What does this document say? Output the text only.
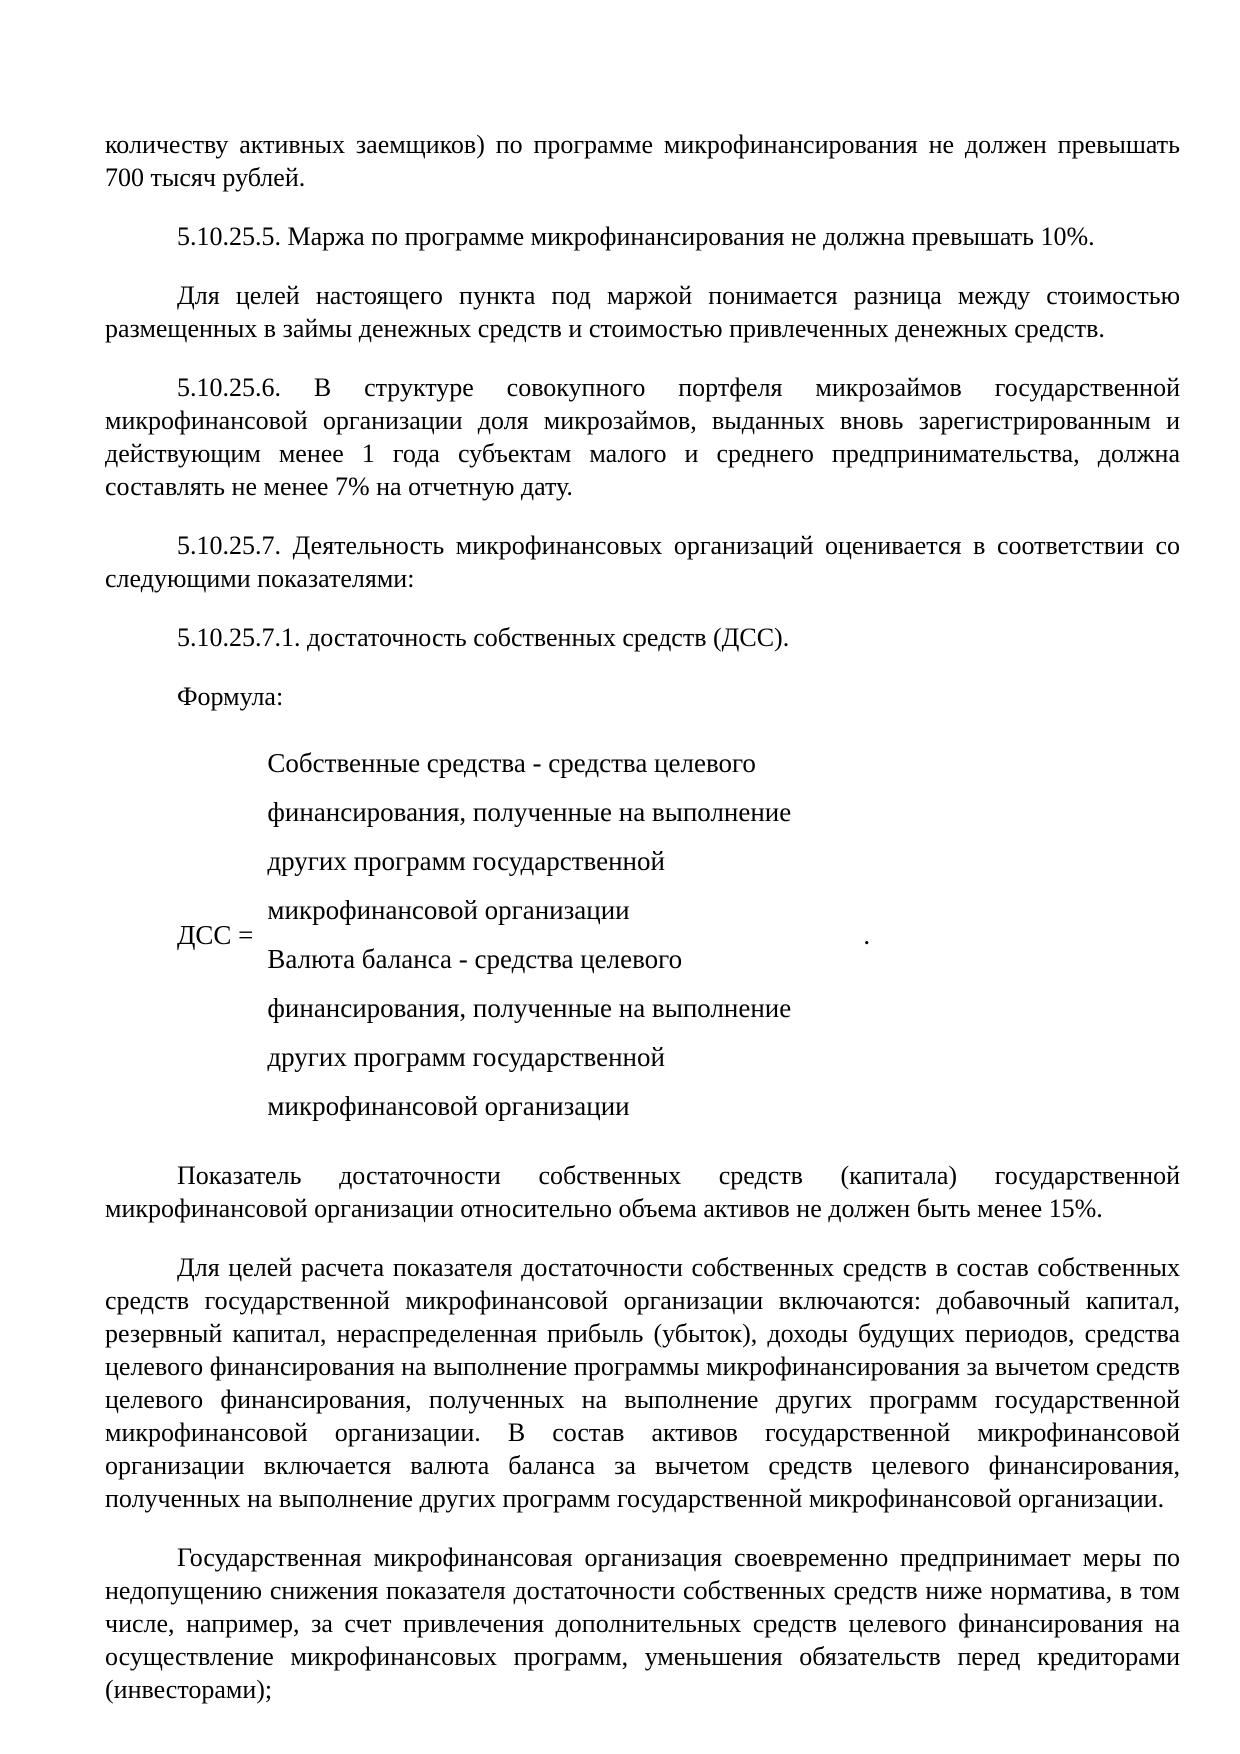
количеству активных заемщиков) по программе микрофинансирования не должен превышать 700 тысяч рублей.

5.10.25.5. Маржа по программе микрофинансирования не должна превышать 10%.

Для целей настоящего пункта под маржой понимается разница между стоимостью размещенных в займы денежных средств и стоимостью привлеченных денежных средств.

5.10.25.6. В структуре совокупного портфеля микрозаймов государственной микрофинансовой организации доля микрозаймов, выданных вновь зарегистрированным и действующим менее 1 года субъектам малого и среднего предпринимательства, должна составлять не менее 7% на отчетную дату.

5.10.25.7. Деятельность микрофинансовых организаций оценивается в соответствии со следующими показателями:

5.10.25.7.1. достаточность собственных средств (ДСС).

Формула:

ДСС =
Собственные средства - средства целевого
финансирования, полученные на выполнение
других программ государственной
микрофинансовой организации
Валюта баланса - средства целевого
финансирования, полученные на выполнение
других программ государственной
микрофинансовой организации
.

Показатель достаточности собственных средств (капитала) государственной микрофинансовой организации относительно объема активов не должен быть менее 15%.

Для целей расчета показателя достаточности собственных средств в состав собственных средств государственной микрофинансовой организации включаются: добавочный капитал, резервный капитал, нераспределенная прибыль (убыток), доходы будущих периодов, средства целевого финансирования на выполнение программы микрофинансирования за вычетом средств целевого финансирования, полученных на выполнение других программ государственной микрофинансовой организации. В состав активов государственной микрофинансовой организации включается валюта баланса за вычетом средств целевого финансирования, полученных на выполнение других программ государственной микрофинансовой организации.

Государственная микрофинансовая организация своевременно предпринимает меры по недопущению снижения показателя достаточности собственных средств ниже норматива, в том числе, например, за счет привлечения дополнительных средств целевого финансирования на осуществление микрофинансовых программ, уменьшения обязательств перед кредиторами (инвесторами);
